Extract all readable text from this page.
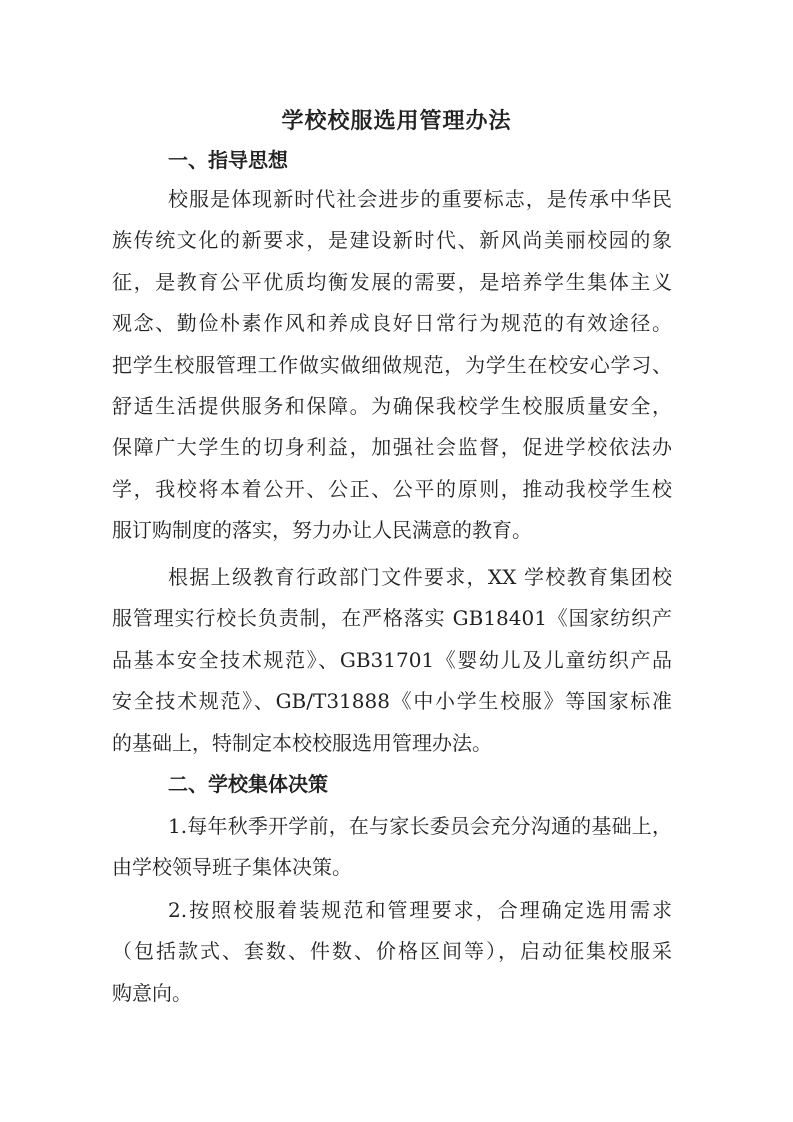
学校校服选用管理办法
一、指导思想
校服是体现新时代社会进步的重要标志，是传承中华民
族传统文化的新要求，是建设新时代、新风尚美丽校园的象
征，是教育公平优质均衡发展的需要，是培养学生集体主义
观念、勤俭朴素作风和养成良好日常行为规范的有效途径。
把学生校服管理工作做实做细做规范，为学生在校安心学习、
舒适生活提供服务和保障。为确保我校学生校服质量安全，
保障广大学生的切身利益，加强社会监督，促进学校依法办
学，我校将本着公开、公正、公平的原则，推动我校学生校
服订购制度的落实，努力办让人民满意的教育。
根据上级教育行政部门文件要求，XX 学校教育集团校
服管理实行校长负责制，在严格落实 GB18401《国家纺织产
品基本安全技术规范》、GB31701《婴幼儿及儿童纺织产品
安全技术规范》、GB/T31888《中小学生校服》等国家标准
的基础上，特制定本校校服选用管理办法。
二、学校集体决策
1.每年秋季开学前，在与家长委员会充分沟通的基础上，
由学校领导班子集体决策。
2.按照校服着装规范和管理要求，合理确定选用需求
（包括款式、套数、件数、价格区间等），启动征集校服采
购意向。
